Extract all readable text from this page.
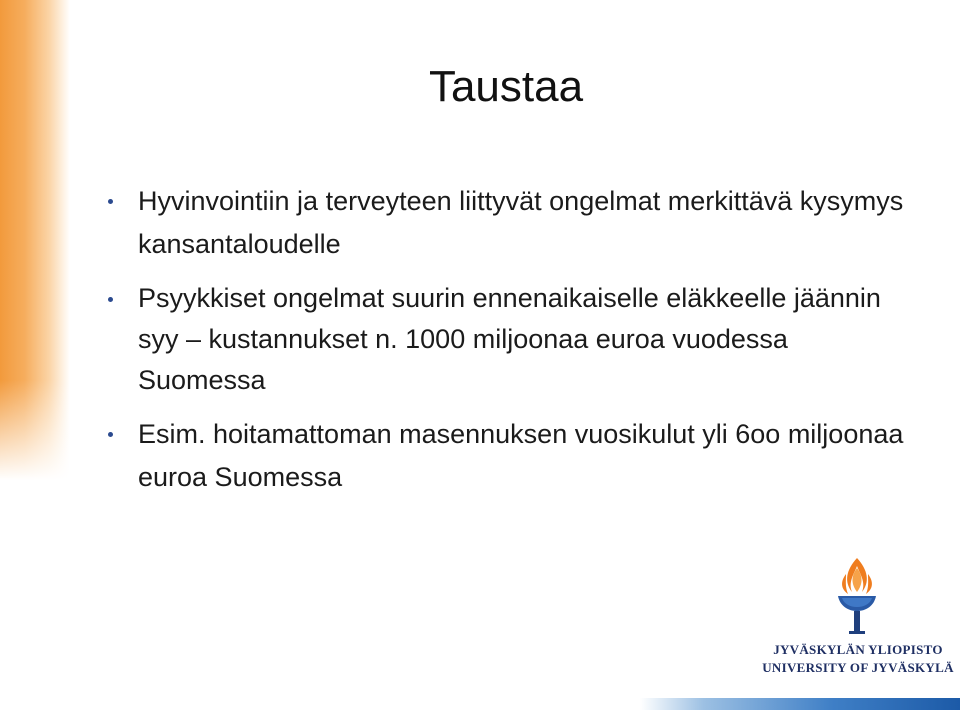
Taustaa
Hyvinvointiin ja terveyteen liittyvät ongelmat merkittävä kysymys kansantaloudelle
Psyykkiset ongelmat suurin ennenaikaiselle eläkkeelle jäännin syy – kustannukset n. 1000 miljoonaa euroa vuodessa Suomessa
Esim. hoitamattoman masennuksen vuosikulut yli 6oo miljoonaa euroa Suomessa
JYVÄSKYLÄN YLIOPISTO
UNIVERSITY OF JYVÄSKYLÄ
